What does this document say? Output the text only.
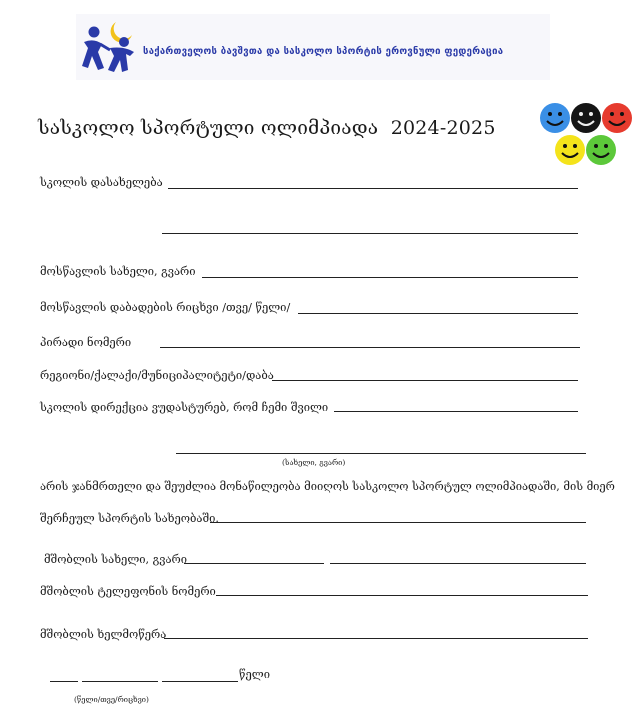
საქართველოს ბავშვთა და სასკოლო სპორტის ეროვნული ფედერაცია
სასკოლო სპორტული ოლიმპიადა 2024-2025
სკოლის დასახელება
მოსწავლის სახელი, გვარი
მოსწავლის დაბადების რიცხვი /თვე/ წელი/
პირადი ნომერი
რეგიონი/ქალაქი/მუნიციპალიტეტი/დაბა
სკოლის დირექცია ვუდასტურებ, რომ ჩემი შვილი
(სახელი, გვარი)
არის ჯანმრთელი და შეუძლია მონაწილეობა მიიღოს სასკოლო სპორტულ ოლიმპიადაში, მის მიერ
შერჩეულ სპორტის სახეობაში.
მშობლის სახელი, გვარი
მშობლის ტელეფონის ნომერი
მშობლის ხელმოწერა
წელი
(წელი/თვე/რიცხვი)
